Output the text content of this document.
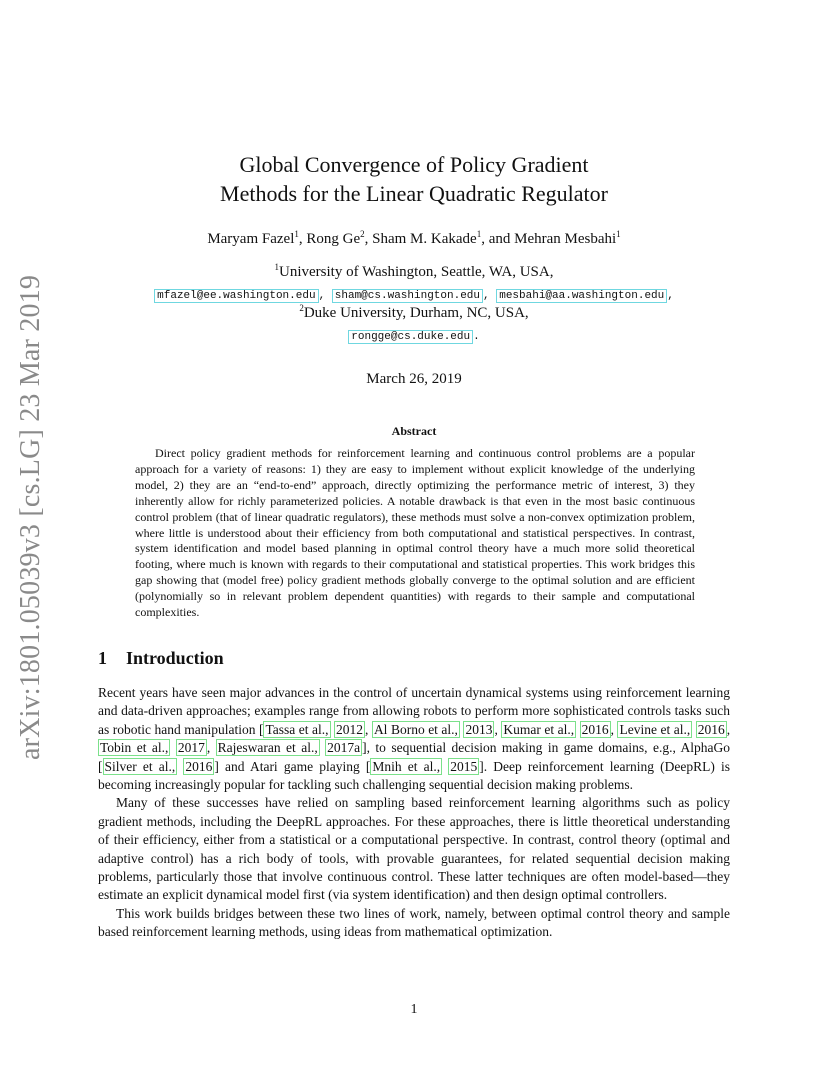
arXiv:1801.05039v3 [cs.LG] 23 Mar 2019
Global Convergence of Policy Gradient
Methods for the Linear Quadratic Regulator
Maryam Fazel$^1$, Rong Ge$^2$, Sham M. Kakade$^1$, and Mehran Mesbahi$^1$
$^1$University of Washington, Seattle, WA, USA,
mfazel@ee.washington.edu , sham@cs.washington.edu , mesbahi@aa.washington.edu ,
$^2$Duke University, Durham, NC, USA,
ronggе@cs.duke.edu .
March 26, 2019
Abstract
Direct policy gradient methods for reinforcement learning and continuous control problems are a popular approach for a variety of reasons: 1) they are easy to implement without explicit knowledge of the underlying model, 2) they are an “end-to-end” approach, directly optimizing the performance metric of interest, 3) they inherently allow for richly parameterized policies. A notable drawback is that even in the most basic continuous control problem (that of linear quadratic regulators), these methods must solve a non-convex optimization problem, where little is understood about their efficiency from both computational and statistical perspectives. In contrast, system identification and model based planning in optimal control theory have a much more solid theoretical footing, where much is known with regards to their computational and statistical properties. This work bridges this gap showing that (model free) policy gradient methods globally converge to the optimal solution and are efficient (polynomially so in relevant problem dependent quantities) with regards to their sample and computational complexities.
1 Introduction

Recent years have seen major advances in the control of uncertain dynamical systems using reinforcement learning and data-driven approaches; examples range from allowing robots to perform more sophisticated controls tasks such as robotic hand manipulation [ Tassa et al., 2012 , Al Borno et al., 2013 , Kumar et al., 2016 , Levine et al., 2016 , Tobin et al., 2017 , Rajeswaran et al., 2017a ], to sequential decision making in game domains, e.g., AlphaGo [ Silver et al., 2016 ] and Atari game playing [ Mnih et al., 2015 ]. Deep reinforcement learning (DeepRL) is becoming increasingly popular for tackling such challenging sequential decision making problems.

Many of these successes have relied on sampling based reinforcement learning algorithms such as policy gradient methods, including the DeepRL approaches. For these approaches, there is little theoretical understanding of their efficiency, either from a statistical or a computational perspective. In contrast, control theory (optimal and adaptive control) has a rich body of tools, with provable guarantees, for related sequential decision making problems, particularly those that involve continuous control. These latter techniques are often model-based—they estimate an explicit dynamical model first (via system identification) and then design optimal controllers.

This work builds bridges between these two lines of work, namely, between optimal control theory and sample based reinforcement learning methods, using ideas from mathematical optimization.

1
